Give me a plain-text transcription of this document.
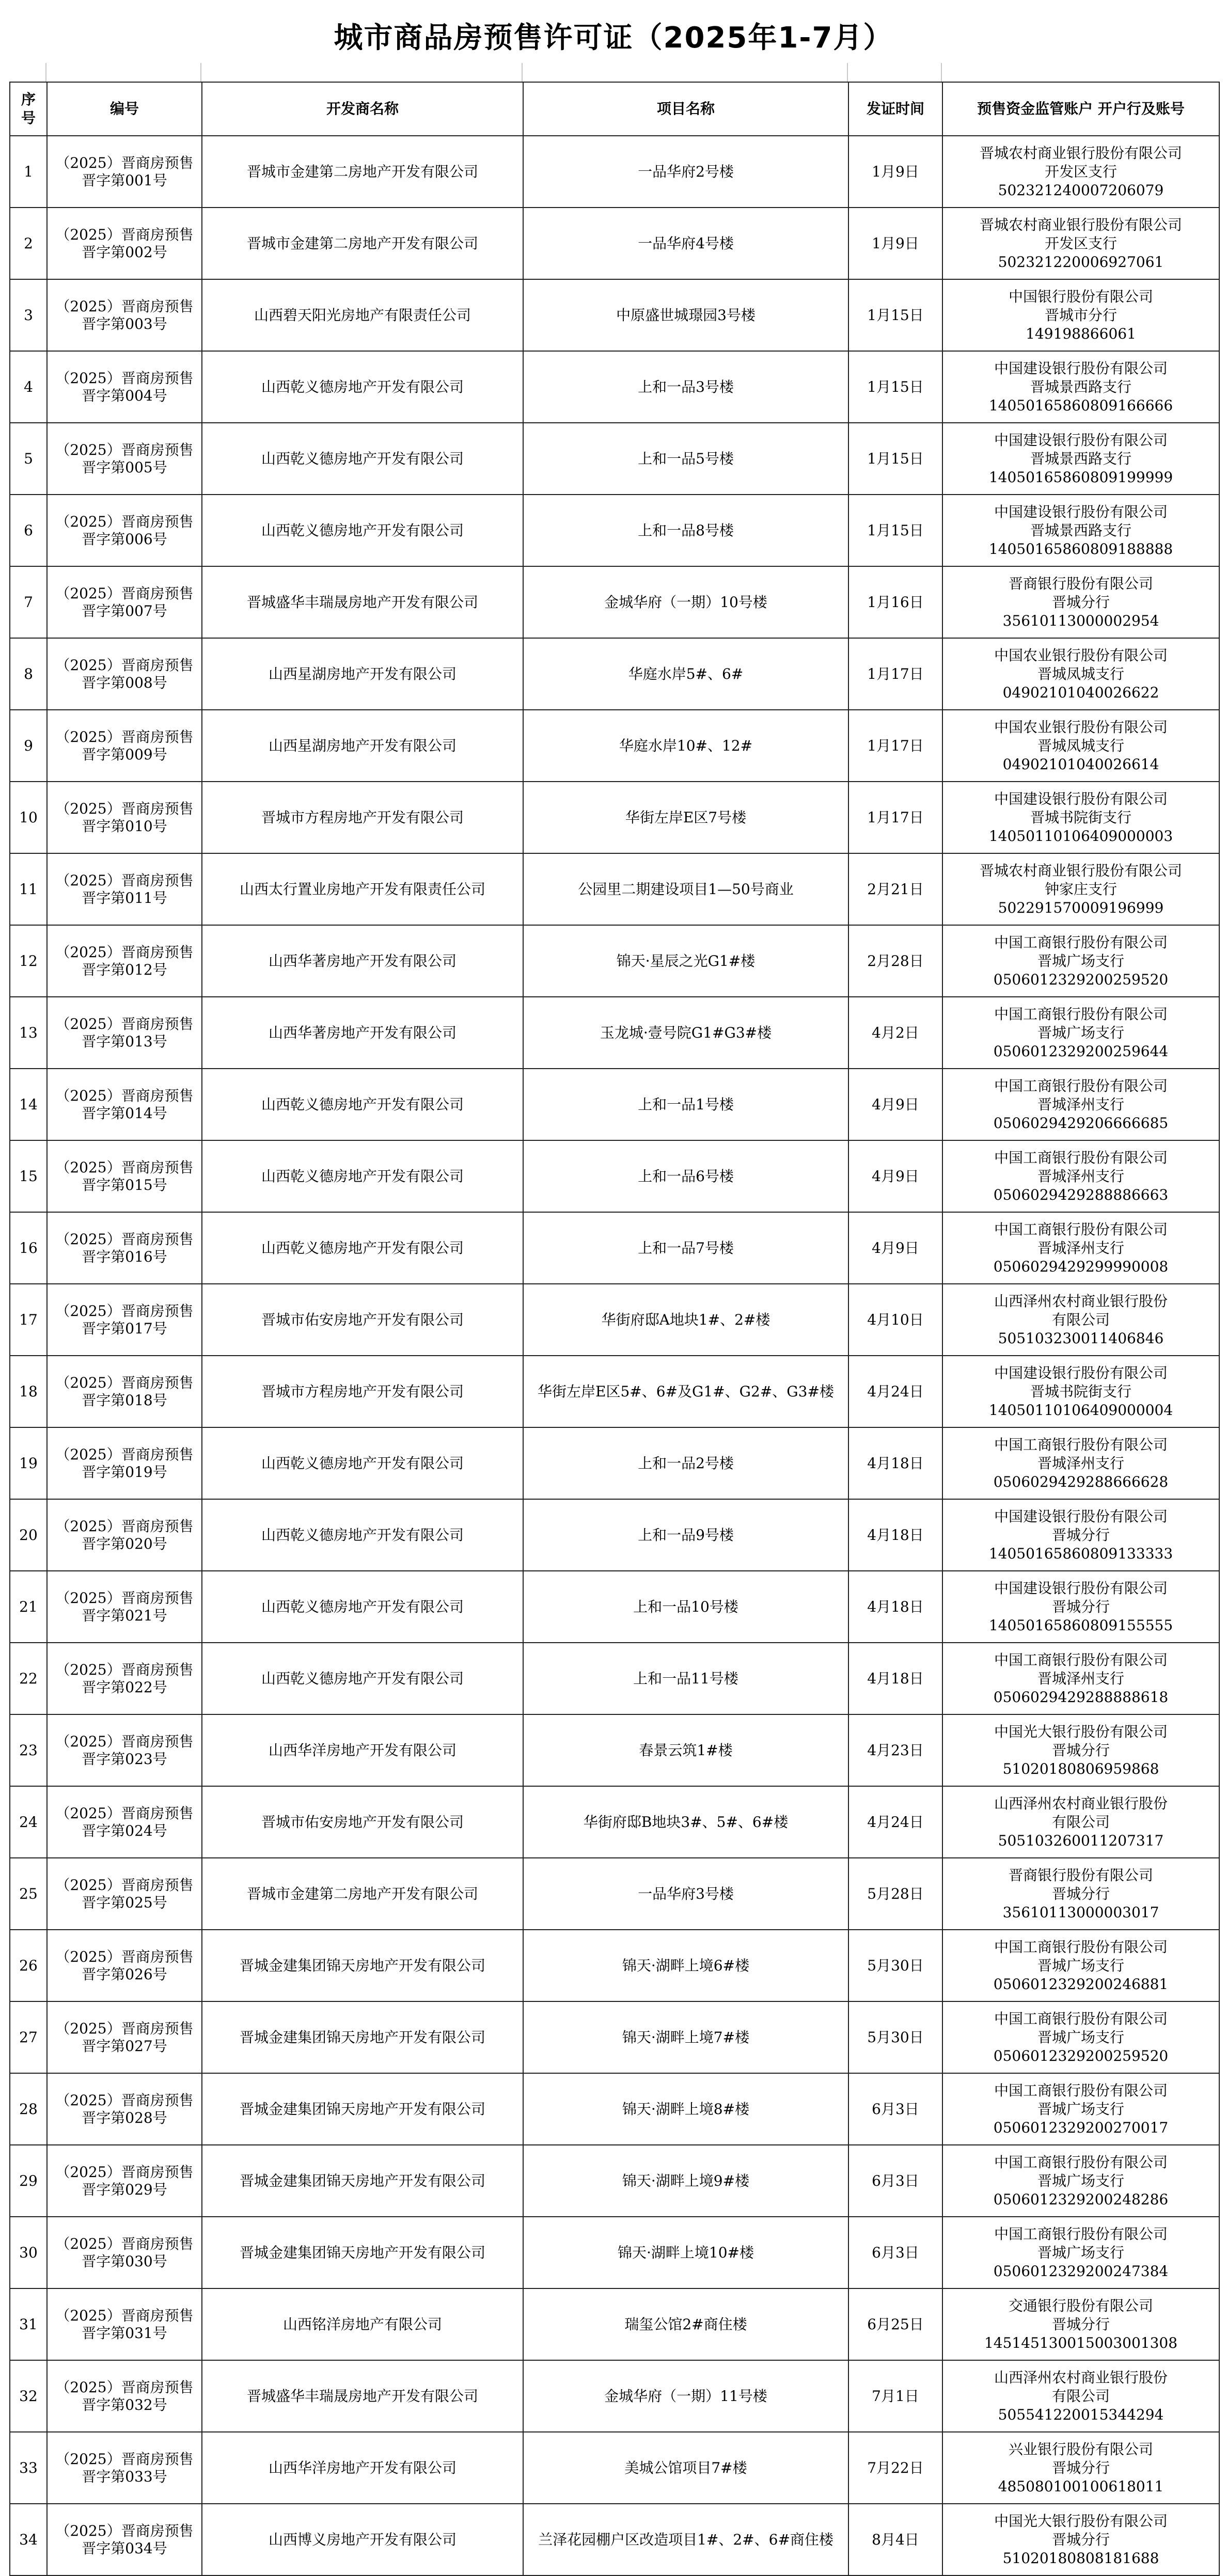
城市商品房预售许可证（2025年1-7月）
序号	编号	开发商名称	项目名称	发证时间	预售资金监管账户 开户行及账号
1	（2025）晋商房预售晋字第001号	晋城市金建第二房地产开发有限公司	一品华府2号楼	1月9日	晋城农村商业银行股份有限公司
开发区支行
502321240007206079

2	（2025）晋商房预售晋字第002号	晋城市金建第二房地产开发有限公司	一品华府4号楼	1月9日	晋城农村商业银行股份有限公司
开发区支行
502321220006927061

3	（2025）晋商房预售晋字第003号	山西碧天阳光房地产有限责任公司	中原盛世城璟园3号楼	1月15日	中国银行股份有限公司
晋城市分行
149198866061

4	（2025）晋商房预售晋字第004号	山西乾义德房地产开发有限公司	上和一品3号楼	1月15日	中国建设银行股份有限公司
晋城景西路支行
14050165860809166666

5	（2025）晋商房预售晋字第005号	山西乾义德房地产开发有限公司	上和一品5号楼	1月15日	中国建设银行股份有限公司
晋城景西路支行
14050165860809199999

6	（2025）晋商房预售晋字第006号	山西乾义德房地产开发有限公司	上和一品8号楼	1月15日	中国建设银行股份有限公司
晋城景西路支行
14050165860809188888

7	（2025）晋商房预售晋字第007号	晋城盛华丰瑞晟房地产开发有限公司	金城华府（一期）10号楼	1月16日	晋商银行股份有限公司
晋城分行
35610113000002954

8	（2025）晋商房预售晋字第008号	山西星湖房地产开发有限公司	华庭水岸5#、6#	1月17日	中国农业银行股份有限公司
晋城凤城支行
04902101040026622

9	（2025）晋商房预售晋字第009号	山西星湖房地产开发有限公司	华庭水岸10#、12#	1月17日	中国农业银行股份有限公司
晋城凤城支行
04902101040026614

10	（2025）晋商房预售晋字第010号	晋城市方程房地产开发有限公司	华街左岸E区7号楼	1月17日	中国建设银行股份有限公司
晋城书院街支行
14050110106409000003

11	（2025）晋商房预售晋字第011号	山西太行置业房地产开发有限责任公司	公园里二期建设项目1—50号商业	2月21日	晋城农村商业银行股份有限公司
钟家庄支行
502291570009196999

12	（2025）晋商房预售晋字第012号	山西华著房地产开发有限公司	锦天·星辰之光G1#楼	2月28日	中国工商银行股份有限公司
晋城广场支行
0506012329200259520

13	（2025）晋商房预售晋字第013号	山西华著房地产开发有限公司	玉龙城·壹号院G1#G3#楼	4月2日	中国工商银行股份有限公司
晋城广场支行
0506012329200259644

14	（2025）晋商房预售晋字第014号	山西乾义德房地产开发有限公司	上和一品1号楼	4月9日	中国工商银行股份有限公司
晋城泽州支行
0506029429206666685

15	（2025）晋商房预售晋字第015号	山西乾义德房地产开发有限公司	上和一品6号楼	4月9日	中国工商银行股份有限公司
晋城泽州支行
0506029429288886663

16	（2025）晋商房预售晋字第016号	山西乾义德房地产开发有限公司	上和一品7号楼	4月9日	中国工商银行股份有限公司
晋城泽州支行
0506029429299990008

17	（2025）晋商房预售晋字第017号	晋城市佑安房地产开发有限公司	华街府邸A地块1#、2#楼	4月10日	山西泽州农村商业银行股份
有限公司
505103230011406846

18	（2025）晋商房预售晋字第018号	晋城市方程房地产开发有限公司	华街左岸E区5#、6#及G1#、G2#、G3#楼	4月24日	中国建设银行股份有限公司
晋城书院街支行
14050110106409000004

19	（2025）晋商房预售晋字第019号	山西乾义德房地产开发有限公司	上和一品2号楼	4月18日	中国工商银行股份有限公司
晋城泽州支行
0506029429288666628

20	（2025）晋商房预售晋字第020号	山西乾义德房地产开发有限公司	上和一品9号楼	4月18日	中国建设银行股份有限公司
晋城分行
14050165860809133333

21	（2025）晋商房预售晋字第021号	山西乾义德房地产开发有限公司	上和一品10号楼	4月18日	中国建设银行股份有限公司
晋城分行
14050165860809155555

22	（2025）晋商房预售晋字第022号	山西乾义德房地产开发有限公司	上和一品11号楼	4月18日	中国工商银行股份有限公司
晋城泽州支行
0506029429288888618

23	（2025）晋商房预售晋字第023号	山西华洋房地产开发有限公司	春景云筑1#楼	4月23日	中国光大银行股份有限公司
晋城分行
51020180806959868

24	（2025）晋商房预售晋字第024号	晋城市佑安房地产开发有限公司	华街府邸B地块3#、5#、6#楼	4月24日	山西泽州农村商业银行股份
有限公司
505103260011207317

25	（2025）晋商房预售晋字第025号	晋城市金建第二房地产开发有限公司	一品华府3号楼	5月28日	晋商银行股份有限公司
晋城分行
35610113000003017

26	（2025）晋商房预售晋字第026号	晋城金建集团锦天房地产开发有限公司	锦天·湖畔上境6#楼	5月30日	中国工商银行股份有限公司
晋城广场支行
0506012329200246881

27	（2025）晋商房预售晋字第027号	晋城金建集团锦天房地产开发有限公司	锦天·湖畔上境7#楼	5月30日	中国工商银行股份有限公司
晋城广场支行
0506012329200259520

28	（2025）晋商房预售晋字第028号	晋城金建集团锦天房地产开发有限公司	锦天·湖畔上境8#楼	6月3日	中国工商银行股份有限公司
晋城广场支行
0506012329200270017

29	（2025）晋商房预售晋字第029号	晋城金建集团锦天房地产开发有限公司	锦天·湖畔上境9#楼	6月3日	中国工商银行股份有限公司
晋城广场支行
0506012329200248286

30	（2025）晋商房预售晋字第030号	晋城金建集团锦天房地产开发有限公司	锦天·湖畔上境10#楼	6月3日	中国工商银行股份有限公司
晋城广场支行
0506012329200247384

31	（2025）晋商房预售晋字第031号	山西铭洋房地产有限公司	瑞玺公馆2#商住楼	6月25日	交通银行股份有限公司
晋城分行
145145130015003001308

32	（2025）晋商房预售晋字第032号	晋城盛华丰瑞晟房地产开发有限公司	金城华府（一期）11号楼	7月1日	山西泽州农村商业银行股份
有限公司
505541220015344294

33	（2025）晋商房预售晋字第033号	山西华洋房地产开发有限公司	美城公馆项目7#楼	7月22日	兴业银行股份有限公司
晋城分行
485080100100618011

34	（2025）晋商房预售晋字第034号	山西博义房地产开发有限公司	兰泽花园棚户区改造项目1#、2#、6#商住楼	8月4日	中国光大银行股份有限公司
晋城分行
51020180808181688
